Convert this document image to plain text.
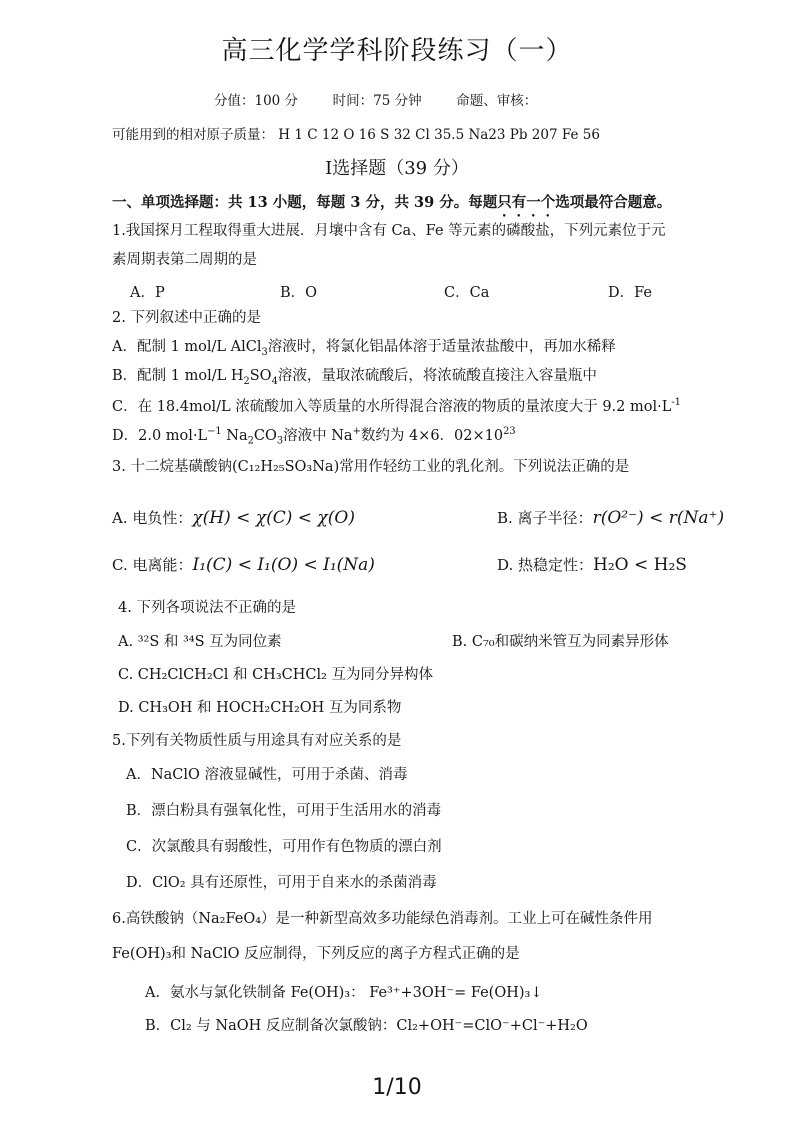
高三化学学科阶段练习（一）
分值：100 分	时间：75 分钟	命题、审核：
可能用到的相对原子质量： H 1 C 12 O 16 S 32 Cl 35.5 Na23 Pb 207 Fe 56
Ⅰ选择题（39 分）
一、单项选择题：共 13 小题，每题 3 分，共 39 分。每题只有一个选项最符合题意。
1.我国探月工程取得重大进展．月壤中含有 Ca、Fe 等元素的磷酸盐，下列元素位于元
素周期表第二周期的是
A．P	B．O	C．Ca	D．Fe
2. 下列叙述中正确的是
A．配制 1 mol/L AlCl$_3$溶液时，将氯化铝晶体溶于适量浓盐酸中，再加水稀释
B．配制 1 mol/L $H_2SO_4$溶液，量取浓硫酸后，将浓硫酸直接注入容量瓶中
C．在 18.4mol/L 浓硫酸加入等质量的水所得混合溶液的物质的量浓度大于 9.2 $mol\cdot L^{-1}$
D．2.0 $mol\cdot L^{-1}$ $Na_2CO_3$溶液中 Na+数约为 4×6．$02\times 10^{23}$
3. 十二烷基磺酸钠(C₁₂H₂₅SO₃Na)常用作轻纺工业的乳化剂。下列说法正确的是
A. 电负性：χ(H) < χ(C) < χ(O)	B. 离子半径：r(O²⁻) < r(Na⁺)
C. 电离能：I₁(C) < I₁(O) < I₁(Na)	D. 热稳定性：H₂O < H₂S
4. 下列各项说法不正确的是
A. ³²S 和 ³⁴S 互为同位素	B. C₇₀和碳纳米管互为同素异形体
C. CH₂ClCH₂Cl 和 CH₃CHCl₂ 互为同分异构体
D. CH₃OH 和 HOCH₂CH₂OH 互为同系物
5.下列有关物质性质与用途具有对应关系的是
A．NaClO 溶液显碱性，可用于杀菌、消毒
B．漂白粉具有强氧化性，可用于生活用水的消毒
C．次氯酸具有弱酸性，可用作有色物质的漂白剂
D．ClO₂ 具有还原性，可用于自来水的杀菌消毒
6.高铁酸钠（Na₂FeO₄）是一种新型高效多功能绿色消毒剂。工业上可在碱性条件用
Fe(OH)₃和 NaClO 反应制得，下列反应的离子方程式正确的是
A．氨水与氯化铁制备 Fe(OH)₃： Fe³⁺+3OH⁻= Fe(OH)₃↓
B．Cl₂ 与 NaOH 反应制备次氯酸钠：Cl₂+OH⁻=ClO⁻+Cl⁻+H₂O
1/10
